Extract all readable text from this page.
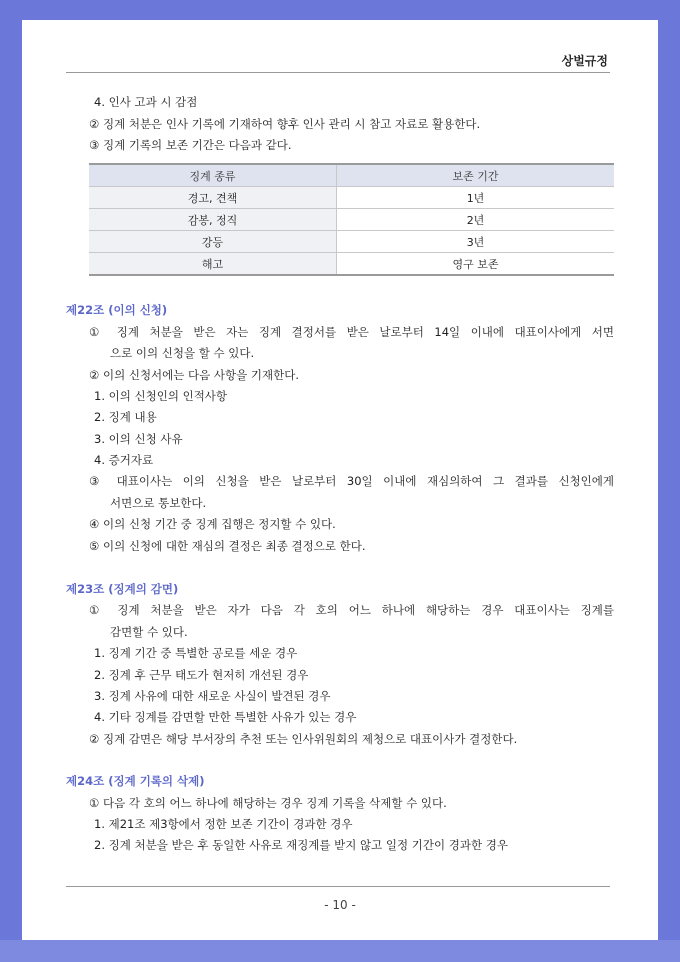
상벌규정
4. 인사 고과 시 감점
② 징계 처분은 인사 기록에 기재하여 향후 인사 관리 시 참고 자료로 활용한다.
③ 징계 기록의 보존 기간은 다음과 같다.
징계 종류	보존 기간
경고, 견책	1년
감봉, 정직	2년
강등	3년
해고	영구 보존
제22조 (이의 신청)
① 징계 처분을 받은 자는 징계 결정서를 받은 날로부터 14일 이내에 대표이사에게 서면
으로 이의 신청을 할 수 있다.
② 이의 신청서에는 다음 사항을 기재한다.
1. 이의 신청인의 인적사항
2. 징계 내용
3. 이의 신청 사유
4. 증거자료
③ 대표이사는 이의 신청을 받은 날로부터 30일 이내에 재심의하여 그 결과를 신청인에게
서면으로 통보한다.
④ 이의 신청 기간 중 징계 집행은 정지할 수 있다.
⑤ 이의 신청에 대한 재심의 결정은 최종 결정으로 한다.
제23조 (징계의 감면)
① 징계 처분을 받은 자가 다음 각 호의 어느 하나에 해당하는 경우 대표이사는 징계를
감면할 수 있다.
1. 징계 기간 중 특별한 공로를 세운 경우
2. 징계 후 근무 태도가 현저히 개선된 경우
3. 징계 사유에 대한 새로운 사실이 발견된 경우
4. 기타 징계를 감면할 만한 특별한 사유가 있는 경우
② 징계 감면은 해당 부서장의 추천 또는 인사위원회의 제청으로 대표이사가 결정한다.
제24조 (징계 기록의 삭제)
① 다음 각 호의 어느 하나에 해당하는 경우 징계 기록을 삭제할 수 있다.
1. 제21조 제3항에서 정한 보존 기간이 경과한 경우
2. 징계 처분을 받은 후 동일한 사유로 재징계를 받지 않고 일정 기간이 경과한 경우
- 10 -
